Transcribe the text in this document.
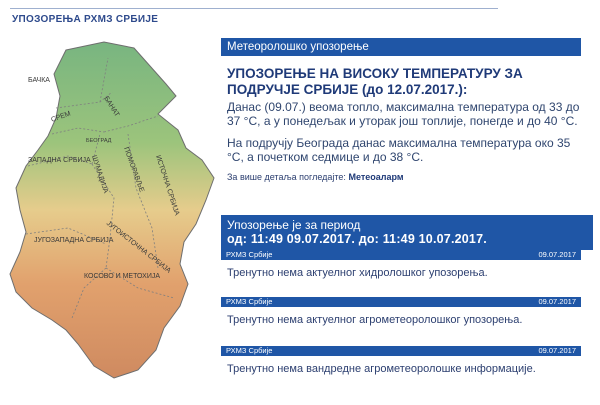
УПОЗОРЕЊА РХМЗ СРБИЈЕ
БАЧКА
БАНАТ
СРЕМ
БЕОГРАД
ЗАПАДНА СРБИЈА ШУМАДИЈА ПОМОРАВЉЕ ИСТОЧНА СРБИЈА
ЈУГОЗАПАДНА СРБИЈА
ЈУГОИСТОЧНА СРБИЈА
КОСОВО И МЕТОХИЈА
Метеоролошко упозорење
УПОЗОРЕЊЕ НА ВИСОКУ ТЕМПЕРАТУРУ ЗА ПОДРУЧЈЕ СРБИЈЕ (до 12.07.2017.):

Данас (09.07.) веома топло, максимална температура од 33 до 37 °C, а у понедељак и уторак још топлије, понегде и до 40 °C.

На подручју Београда данас максимална температура око 35 °C, а почетком седмице и до 38 °C.

За више детаља погледајте: Метеоаларм
Упозорење је за период
од: 11:49 09.07.2017. до: 11:49 10.07.2017.
РХМЗ Србије	09.07.2017
Тренутно нема актуелног хидролошког упозорења.
РХМЗ Србије	09.07.2017
Тренутно нема актуелног агрометеоролошког упозорења.
РХМЗ Србије	09.07.2017
Тренутно нема вандредне агрометеоролошке информације.
